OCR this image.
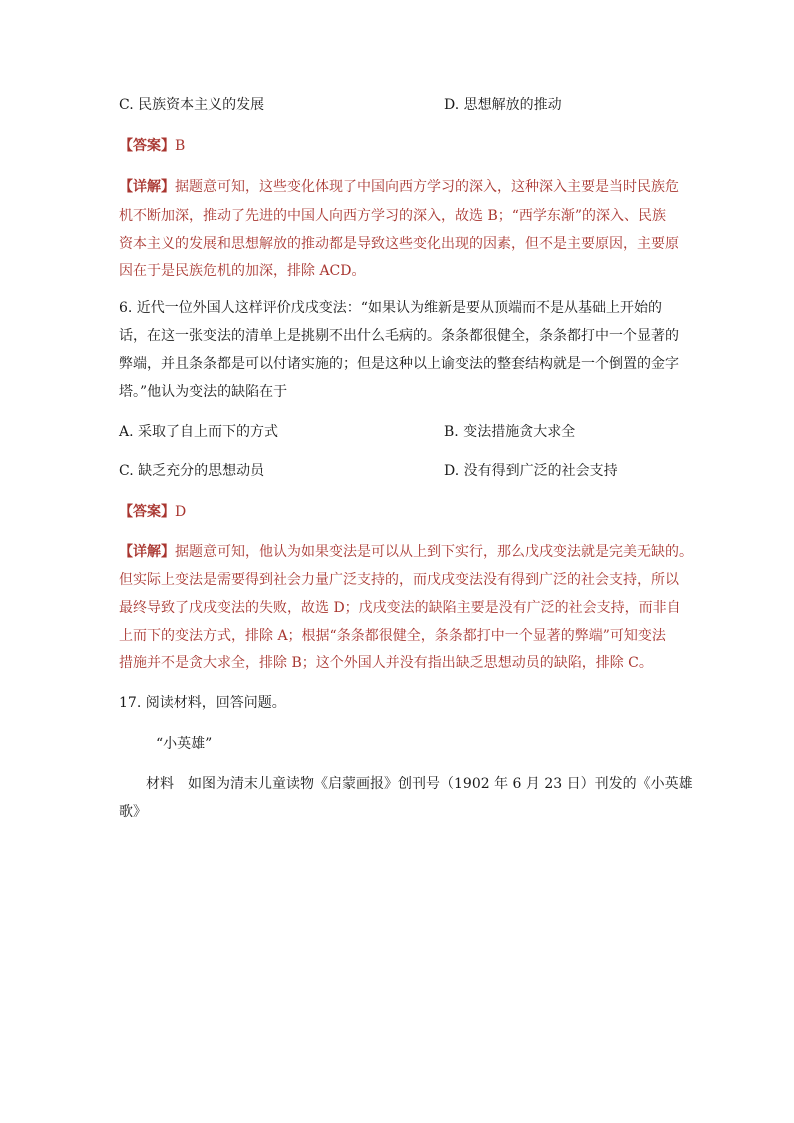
C. 民族资本主义的发展	D. 思想解放的推动
【答案】B
【详解】据题意可知，这些变化体现了中国向西方学习的深入，这种深入主要是当时民族危
机不断加深，推动了先进的中国人向西方学习的深入，故选 B；“西学东渐”的深入、民族
资本主义的发展和思想解放的推动都是导致这些变化出现的因素，但不是主要原因，主要原
因在于是民族危机的加深，排除 ACD。
6. 近代一位外国人这样评价戊戌变法：“如果认为维新是要从顶端而不是从基础上开始的
话，在这一张变法的清单上是挑剔不出什么毛病的。条条都很健全，条条都打中一个显著的
弊端，并且条条都是可以付诸实施的；但是这种以上谕变法的整套结构就是一个倒置的金字
塔。”他认为变法的缺陷在于
A. 采取了自上而下的方式	B. 变法措施贪大求全
C. 缺乏充分的思想动员	D. 没有得到广泛的社会支持
【答案】D
【详解】据题意可知，他认为如果变法是可以从上到下实行，那么戊戌变法就是完美无缺的。
但实际上变法是需要得到社会力量广泛支持的，而戊戌变法没有得到广泛的社会支持，所以
最终导致了戊戌变法的失败，故选 D；戊戌变法的缺陷主要是没有广泛的社会支持，而非自
上而下的变法方式，排除 A；根据“条条都很健全，条条都打中一个显著的弊端”可知变法
措施并不是贪大求全，排除 B；这个外国人并没有指出缺乏思想动员的缺陷，排除 C。
17. 阅读材料，回答问题。
“小英雄”
材料　如图为清末儿童读物《启蒙画报》创刊号（1902 年 6 月 23 日）刊发的《小英雄
歌》
